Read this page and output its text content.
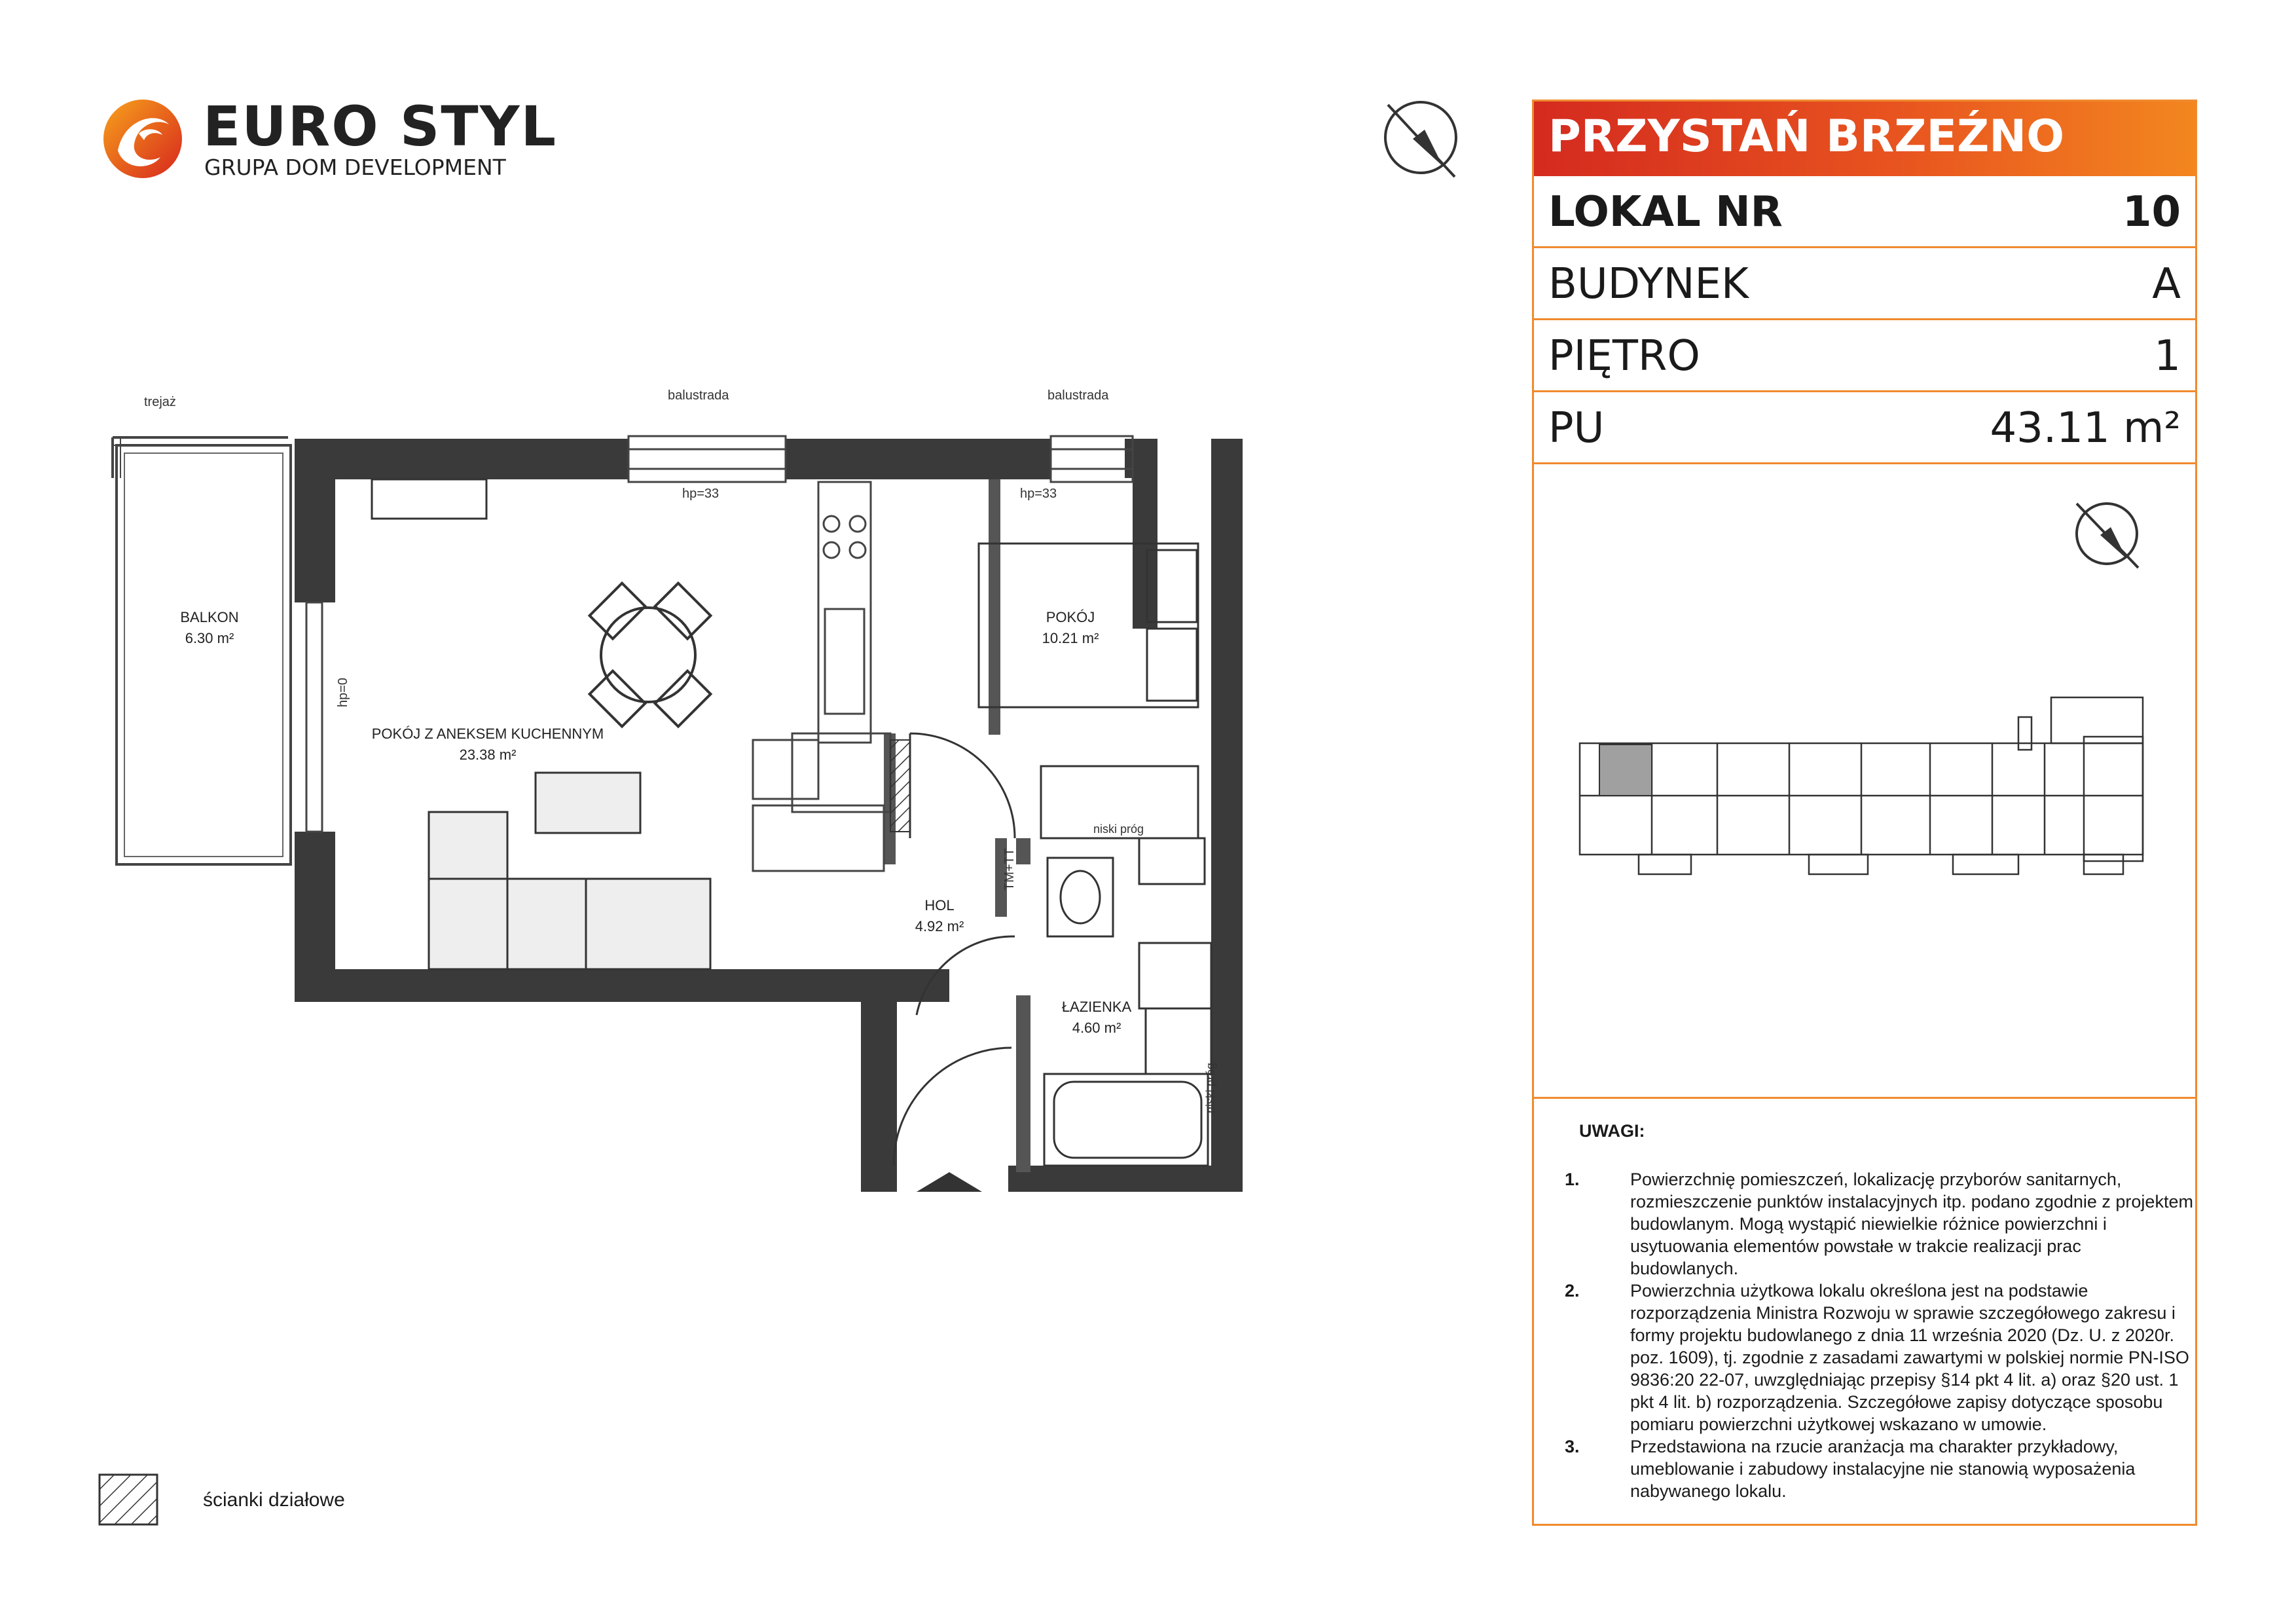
EURO STYL
GRUPA DOM DEVELOPMENT
trejaż	balustrada	balustrada
hp=33	hp=33
hp=0
niski próg
niski próg
TM+TT
BALKON
6.30 m²
POKÓJ Z ANEKSEM KUCHENNYM
23.38 m²
POKÓJ
10.21 m²
HOL
4.92 m²
ŁAZIENKA
4.60 m²
PRZYSTAŃ BRZEŹNO
LOKAL NR	10
BUDYNEK	A
PIĘTRO	1
PU	43.11 m²
UWAGI:
1.	Powierzchnię pomieszczeń, lokalizację przyborów sanitarnych, rozmieszczenie punktów instalacyjnych itp. podano zgodnie z projektem budowlanym. Mogą wystąpić niewielkie różnice powierzchni i usytuowania elementów powstałe w trakcie realizacji prac budowlanych.
2.	Powierzchnia użytkowa lokalu określona jest na podstawie rozporządzenia Ministra Rozwoju w sprawie szczegółowego zakresu i formy projektu budowlanego z dnia 11 września 2020 (Dz. U. z 2020r. poz. 1609), tj. zgodnie z zasadami zawartymi w polskiej normie PN-ISO 9836:20 22-07, uwzględniając przepisy §14 pkt 4 lit. a) oraz §20 ust. 1 pkt 4 lit. b) rozporządzenia. Szczegółowe zapisy dotyczące sposobu pomiaru powierzchni użytkowej wskazano w umowie.
3.	Przedstawiona na rzucie aranżacja ma charakter przykładowy, umeblowanie i zabudowy instalacyjne nie stanowią wyposażenia nabywanego lokalu.
ścianki działowe
